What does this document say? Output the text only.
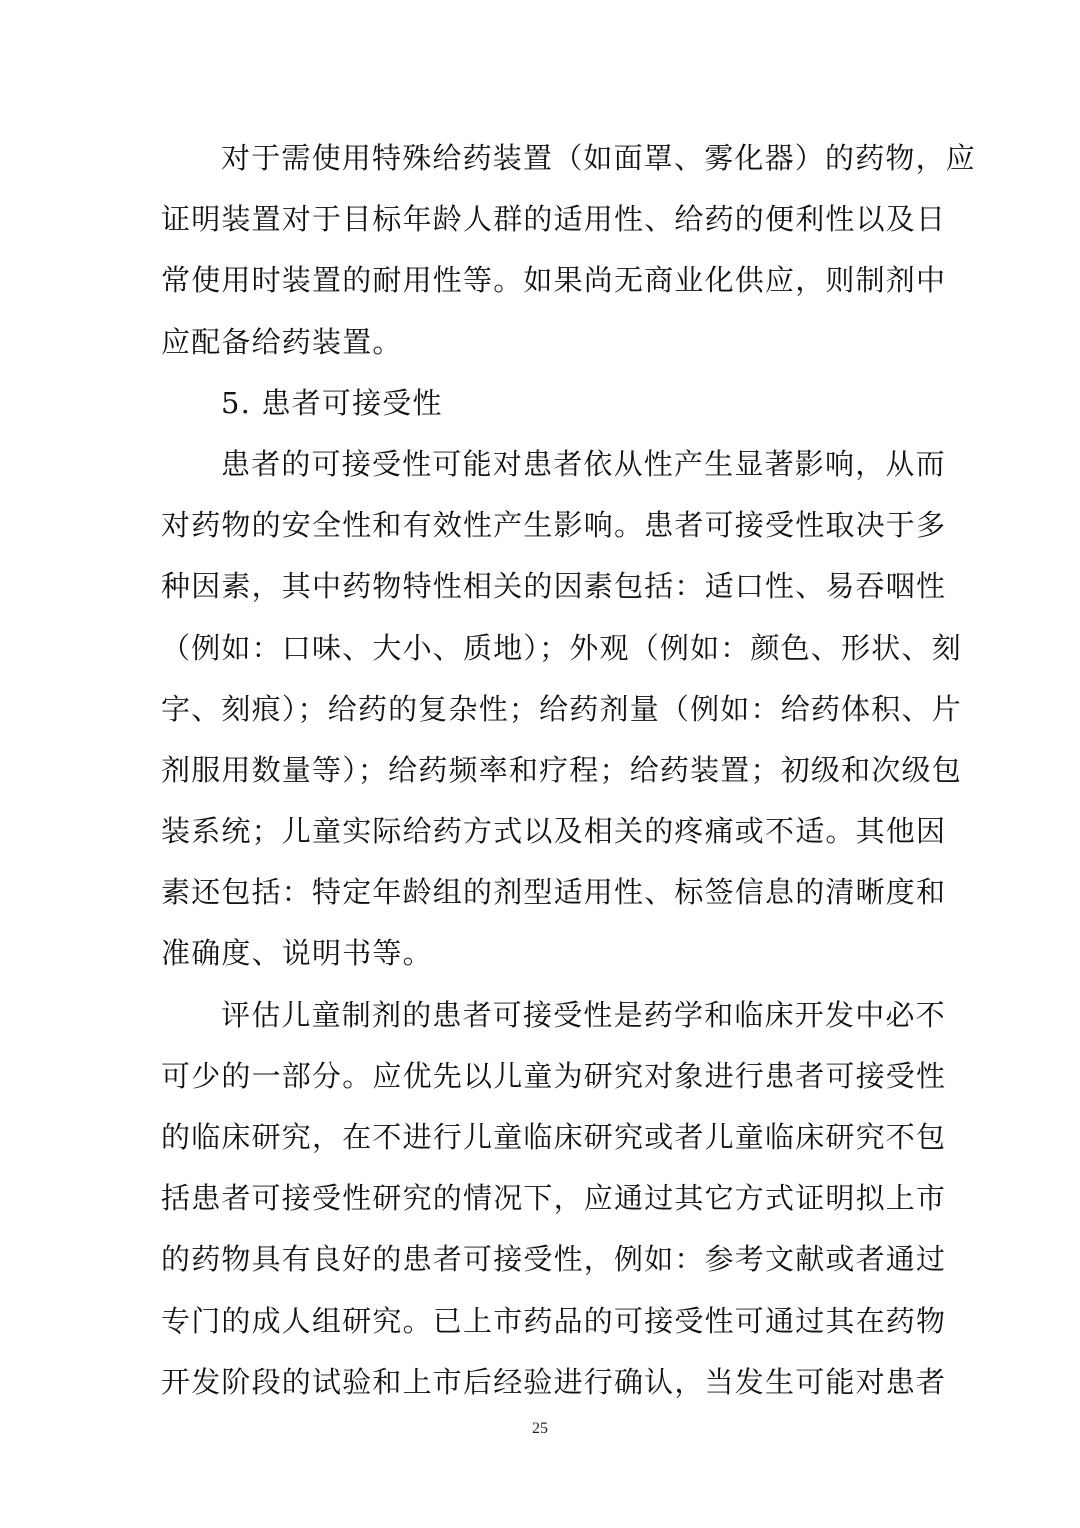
对于需使用特殊给药装置（如面罩、雾化器）的药物，应
证明装置对于目标年龄人群的适用性、给药的便利性以及日
常使用时装置的耐用性等。如果尚无商业化供应，则制剂中
应配备给药装置。
5. 患者可接受性
患者的可接受性可能对患者依从性产生显著影响，从而
对药物的安全性和有效性产生影响。患者可接受性取决于多
种因素，其中药物特性相关的因素包括：适口性、易吞咽性
（例如：口味、大小、质地）；外观（例如：颜色、形状、刻
字、刻痕）；给药的复杂性；给药剂量（例如：给药体积、片
剂服用数量等）；给药频率和疗程；给药装置；初级和次级包
装系统；儿童实际给药方式以及相关的疼痛或不适。其他因
素还包括：特定年龄组的剂型适用性、标签信息的清晰度和
准确度、说明书等。
评估儿童制剂的患者可接受性是药学和临床开发中必不
可少的一部分。应优先以儿童为研究对象进行患者可接受性
的临床研究，在不进行儿童临床研究或者儿童临床研究不包
括患者可接受性研究的情况下，应通过其它方式证明拟上市
的药物具有良好的患者可接受性，例如：参考文献或者通过
专门的成人组研究。已上市药品的可接受性可通过其在药物
开发阶段的试验和上市后经验进行确认，当发生可能对患者
25
